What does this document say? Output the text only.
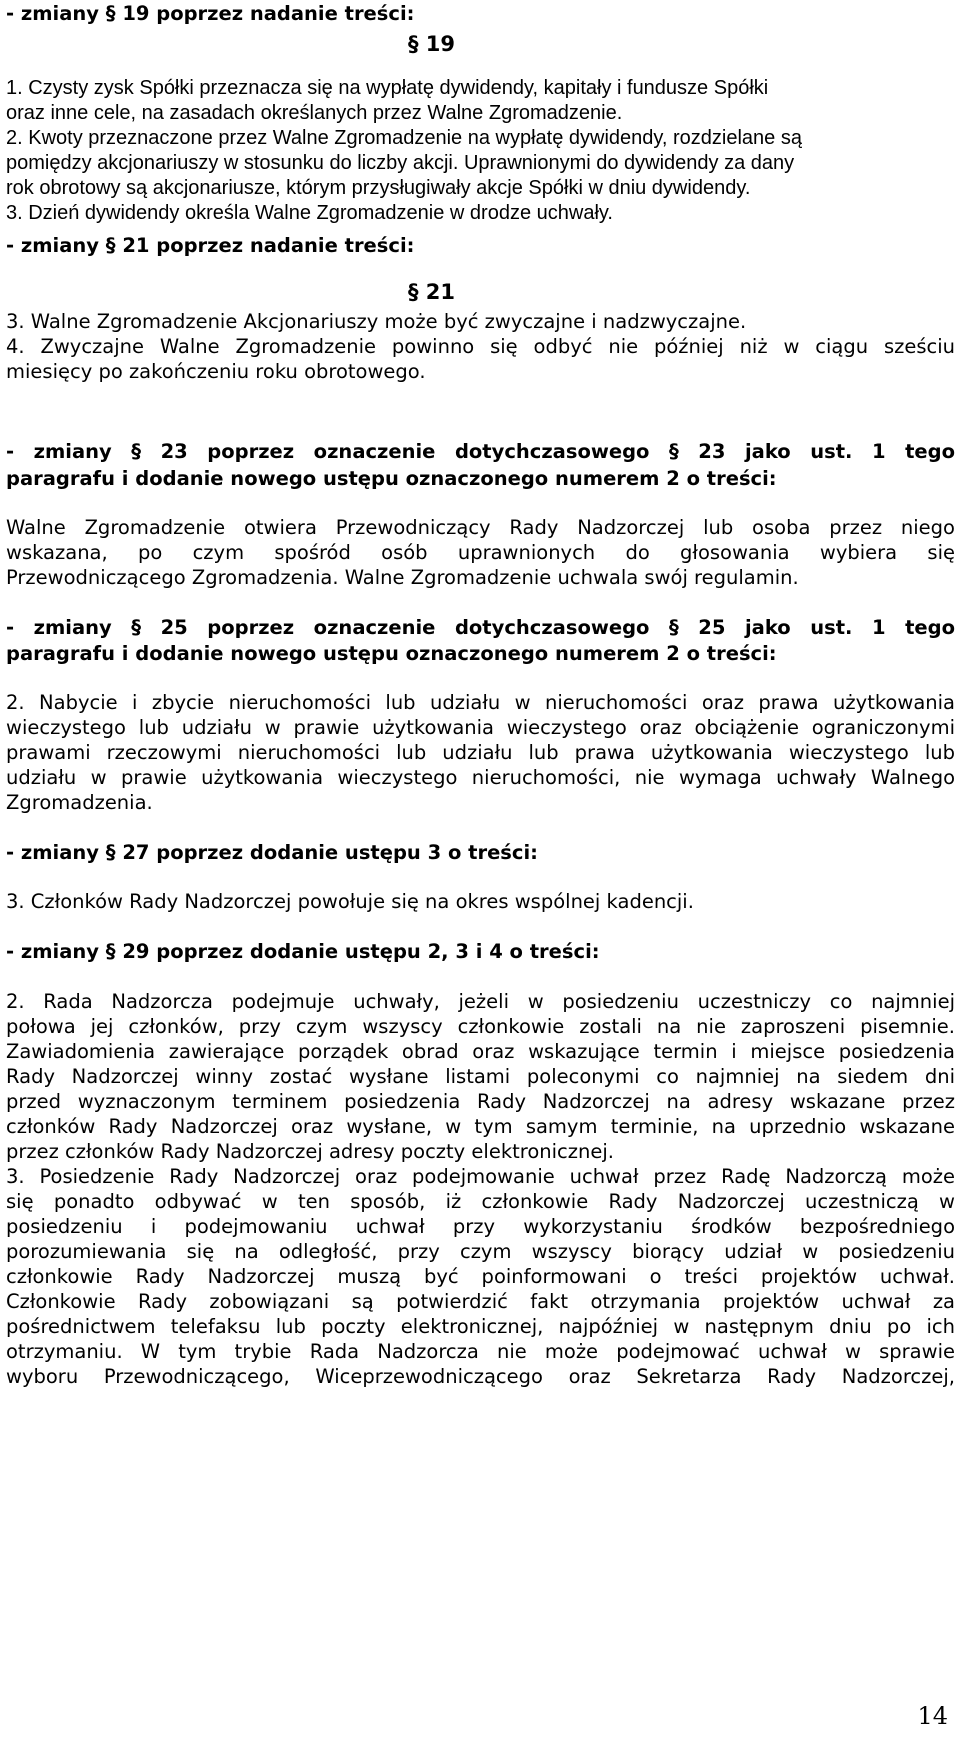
- zmiany § 19 poprzez nadanie treści:
§ 19
1. Czysty zysk Spółki przeznacza się na wypłatę dywidendy, kapitały i fundusze Spółki
oraz inne cele, na zasadach określanych przez Walne Zgromadzenie.
2. Kwoty przeznaczone przez Walne Zgromadzenie na wypłatę dywidendy, rozdzielane są
pomiędzy akcjonariuszy w stosunku do liczby akcji. Uprawnionymi do dywidendy za dany
rok obrotowy są akcjonariusze, którym przysługiwały akcje Spółki w dniu dywidendy.
3. Dzień dywidendy określa Walne Zgromadzenie w drodze uchwały.
- zmiany § 21 poprzez nadanie treści:
§ 21
3. Walne Zgromadzenie Akcjonariuszy może być zwyczajne i nadzwyczajne.
4. Zwyczajne Walne Zgromadzenie powinno się odbyć nie później niż w ciągu sześciu
miesięcy po zakończeniu roku obrotowego.
- zmiany § 23 poprzez oznaczenie dotychczasowego § 23 jako ust. 1 tego
paragrafu i dodanie nowego ustępu oznaczonego numerem 2 o treści:
Walne Zgromadzenie otwiera Przewodniczący Rady Nadzorczej lub osoba przez niego
wskazana, po czym spośród osób uprawnionych do głosowania wybiera się
Przewodniczącego Zgromadzenia. Walne Zgromadzenie uchwala swój regulamin.
- zmiany § 25 poprzez oznaczenie dotychczasowego § 25 jako ust. 1 tego
paragrafu i dodanie nowego ustępu oznaczonego numerem 2 o treści:
2. Nabycie i zbycie nieruchomości lub udziału w nieruchomości oraz prawa użytkowania
wieczystego lub udziału w prawie użytkowania wieczystego oraz obciążenie ograniczonymi
prawami rzeczowymi nieruchomości lub udziału lub prawa użytkowania wieczystego lub
udziału w prawie użytkowania wieczystego nieruchomości, nie wymaga uchwały Walnego
Zgromadzenia.
- zmiany § 27 poprzez dodanie ustępu 3 o treści:
3. Członków Rady Nadzorczej powołuje się na okres wspólnej kadencji.
- zmiany § 29 poprzez dodanie ustępu 2, 3 i 4 o treści:
2. Rada Nadzorcza podejmuje uchwały, jeżeli w posiedzeniu uczestniczy co najmniej
połowa jej członków, przy czym wszyscy członkowie zostali na nie zaproszeni pisemnie.
Zawiadomienia zawierające porządek obrad oraz wskazujące termin i miejsce posiedzenia
Rady Nadzorczej winny zostać wysłane listami poleconymi co najmniej na siedem dni
przed wyznaczonym terminem posiedzenia Rady Nadzorczej na adresy wskazane przez
członków Rady Nadzorczej oraz wysłane, w tym samym terminie, na uprzednio wskazane
przez członków Rady Nadzorczej adresy poczty elektronicznej.
3. Posiedzenie Rady Nadzorczej oraz podejmowanie uchwał przez Radę Nadzorczą może
się ponadto odbywać w ten sposób, iż członkowie Rady Nadzorczej uczestniczą w
posiedzeniu i podejmowaniu uchwał przy wykorzystaniu środków bezpośredniego
porozumiewania się na odległość, przy czym wszyscy biorący udział w posiedzeniu
członkowie Rady Nadzorczej muszą być poinformowani o treści projektów uchwał.
Członkowie Rady zobowiązani są potwierdzić fakt otrzymania projektów uchwał za
pośrednictwem telefaksu lub poczty elektronicznej, najpóźniej w następnym dniu po ich
otrzymaniu. W tym trybie Rada Nadzorcza nie może podejmować uchwał w sprawie
wyboru Przewodniczącego, Wiceprzewodniczącego oraz Sekretarza Rady Nadzorczej,
14
